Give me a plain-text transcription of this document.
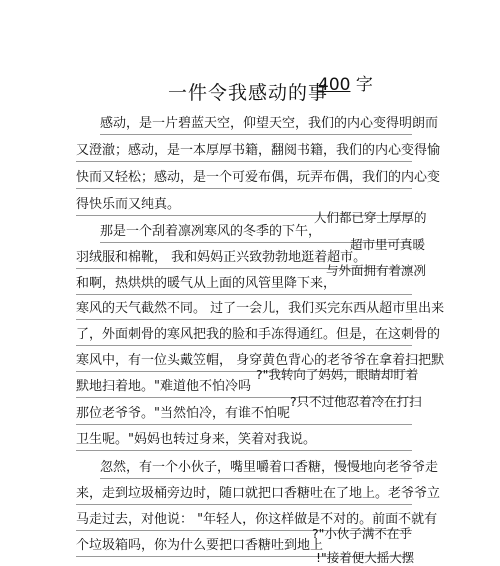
一件令我感动的事
400 字
感动，是一片碧蓝天空，仰望天空，我们的内心变得明朗而
又澄澈；感动，是一本厚厚书籍，翻阅书籍，我们的内心变得愉
快而又轻松；感动，是一个可爱布偶，玩弄布偶，我们的内心变
得快乐而又纯真。
人们都已穿上厚厚的
那是一个刮着凛冽寒风的冬季的下午，
超市里可真暖
羽绒服和棉靴， 我和妈妈正兴致勃勃地逛着超市。
与外面拥有着凛冽
和啊，热烘烘的暖气从上面的风管里降下来，
寒风的天气截然不同。 过了一会儿，我们买完东西从超市里出来
了，外面刺骨的寒风把我的脸和手冻得通红。但是，在这刺骨的
寒风中，有一位头戴笠帽， 身穿黄色背心的老爷爷在拿着扫把默
?"我转向了妈妈，眼睛却盯着
默地扫着地。"难道他不怕冷吗
?只不过他忍着冷在打扫
那位老爷爷。"当然怕冷，有谁不怕呢
卫生呢。"妈妈也转过身来，笑着对我说。
忽然，有一个小伙子，嘴里嚼着口香糖，慢慢地向老爷爷走
来，走到垃圾桶旁边时，随口就把口香糖吐在了地上。老爷爷立
马走过去，对他说： "年轻人，你这样做是不对的。前面不就有
?"小伙子满不在乎
个垃圾箱吗，你为什么要把口香糖吐到地上
!"接着便大摇大摆
